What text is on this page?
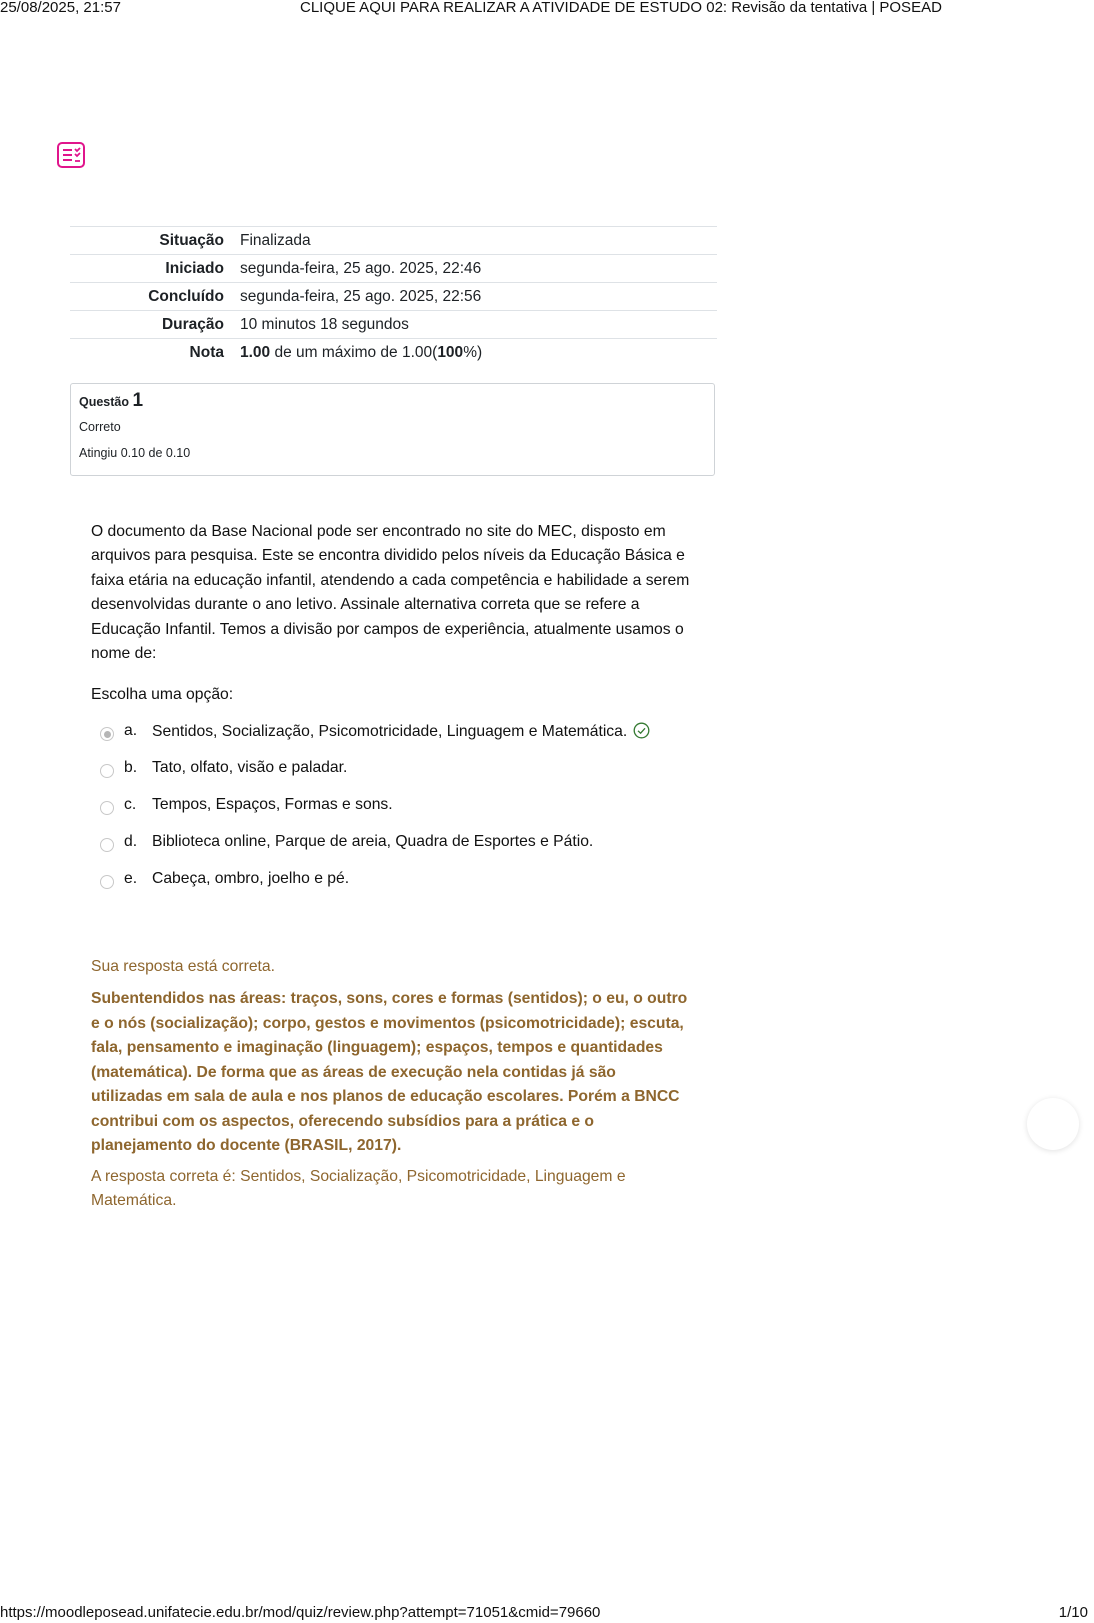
25/08/2025, 21:57	CLIQUE AQUI PARA REALIZAR A ATIVIDADE DE ESTUDO 02: Revisão da tentativa | POSEAD
Situação	Finalizada
Iniciado	segunda-feira, 25 ago. 2025, 22:46
Concluído	segunda-feira, 25 ago. 2025, 22:56
Duração	10 minutos 18 segundos
Nota	1.00 de um máximo de 1.00(100%)
Questão 1
Correto
Atingiu 0.10 de 0.10
O documento da Base Nacional pode ser encontrado no site do MEC, disposto em arquivos para pesquisa. Este se encontra dividido pelos níveis da Educação Básica e faixa etária na educação infantil, atendendo a cada competência e habilidade a serem desenvolvidas durante o ano letivo. Assinale alternativa correta que se refere a Educação Infantil. Temos a divisão por campos de experiência, atualmente usamos o nome de:
Escolha uma opção:
a. Sentidos, Socialização, Psicomotricidade, Linguagem e Matemática.
b. Tato, olfato, visão e paladar.
c. Tempos, Espaços, Formas e sons.
d. Biblioteca online, Parque de areia, Quadra de Esportes e Pátio.
e. Cabeça, ombro, joelho e pé.
Sua resposta está correta.
Subentendidos nas áreas: traços, sons, cores e formas (sentidos); o eu, o outro e o nós (socialização); corpo, gestos e movimentos (psicomotricidade); escuta, fala, pensamento e imaginação (linguagem); espaços, tempos e quantidades (matemática). De forma que as áreas de execução nela contidas já são utilizadas em sala de aula e nos planos de educação escolares. Porém a BNCC contribui com os aspectos, oferecendo subsídios para a prática e o planejamento do docente (BRASIL, 2017).
A resposta correta é: Sentidos, Socialização, Psicomotricidade, Linguagem e Matemática.
https://moodleposead.unifatecie.edu.br/mod/quiz/review.php?attempt=71051&cmid=79660	1/10
